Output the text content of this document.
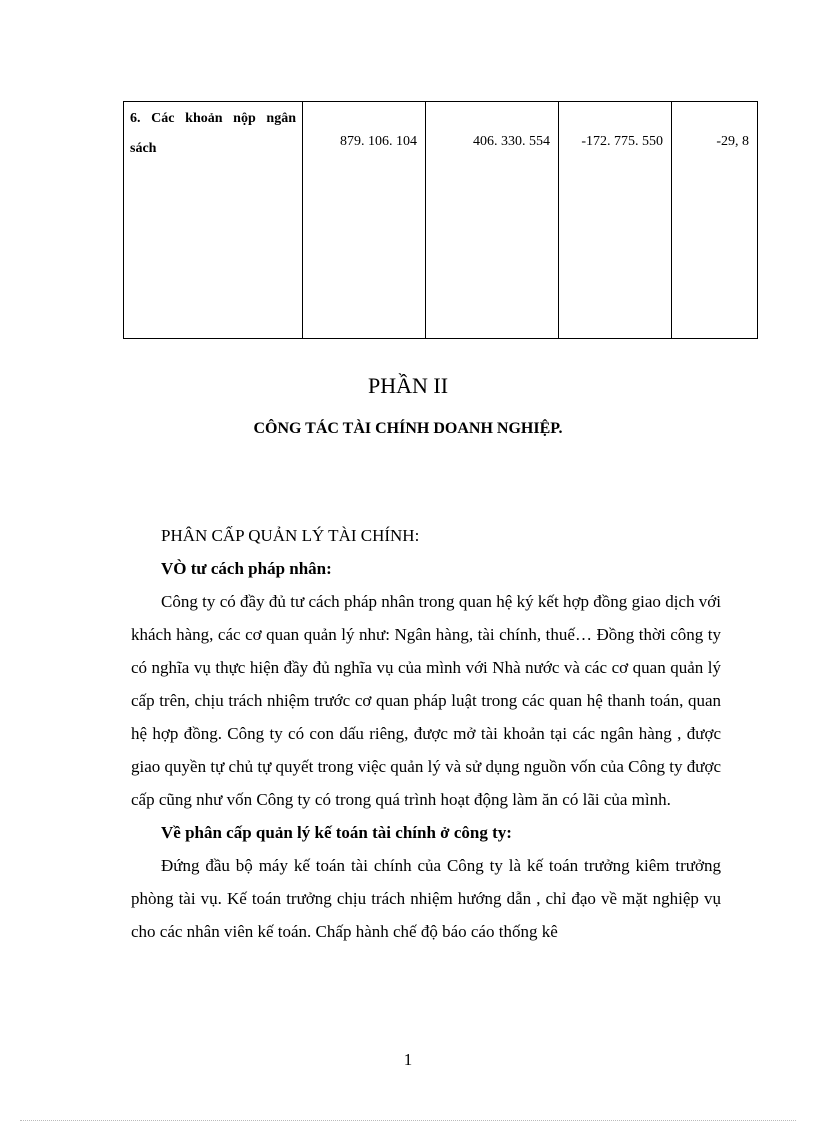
6. Các khoản nộp ngân sách	879. 106. 104	406. 330. 554	-172. 775. 550	-29, 8
PHẦN II
CÔNG TÁC TÀI CHÍNH DOANH NGHIỆP.

PHÂN CẤP QUẢN LÝ TÀI CHÍNH:

VÒ tư cách pháp nhân:

Công ty có đầy đủ tư cách pháp nhân trong quan hệ ký kết hợp đồng giao dịch với khách hàng, các cơ quan quản lý như: Ngân hàng, tài chính, thuế… Đồng thời công ty có nghĩa vụ thực hiện đầy đủ nghĩa vụ của mình với Nhà nước và các cơ quan quản lý cấp trên, chịu trách nhiệm trước cơ quan pháp luật trong các quan hệ thanh toán, quan hệ hợp đồng. Công ty có con dấu riêng, được mở tài khoản tại các ngân hàng , được giao quyền tự chủ tự quyết trong việc quản lý và sử dụng nguồn vốn của Công ty được cấp cũng như vốn Công ty có trong quá trình hoạt động làm ăn có lãi của mình.

Về phân cấp quản lý kế toán tài chính ở công ty:

Đứng đầu bộ máy kế toán tài chính của Công ty là kế toán trưởng kiêm trưởng phòng tài vụ. Kế toán trưởng chịu trách nhiệm hướng dẫn , chỉ đạo về mặt nghiệp vụ cho các nhân viên kế toán. Chấp hành chế độ báo cáo thống kê

1
